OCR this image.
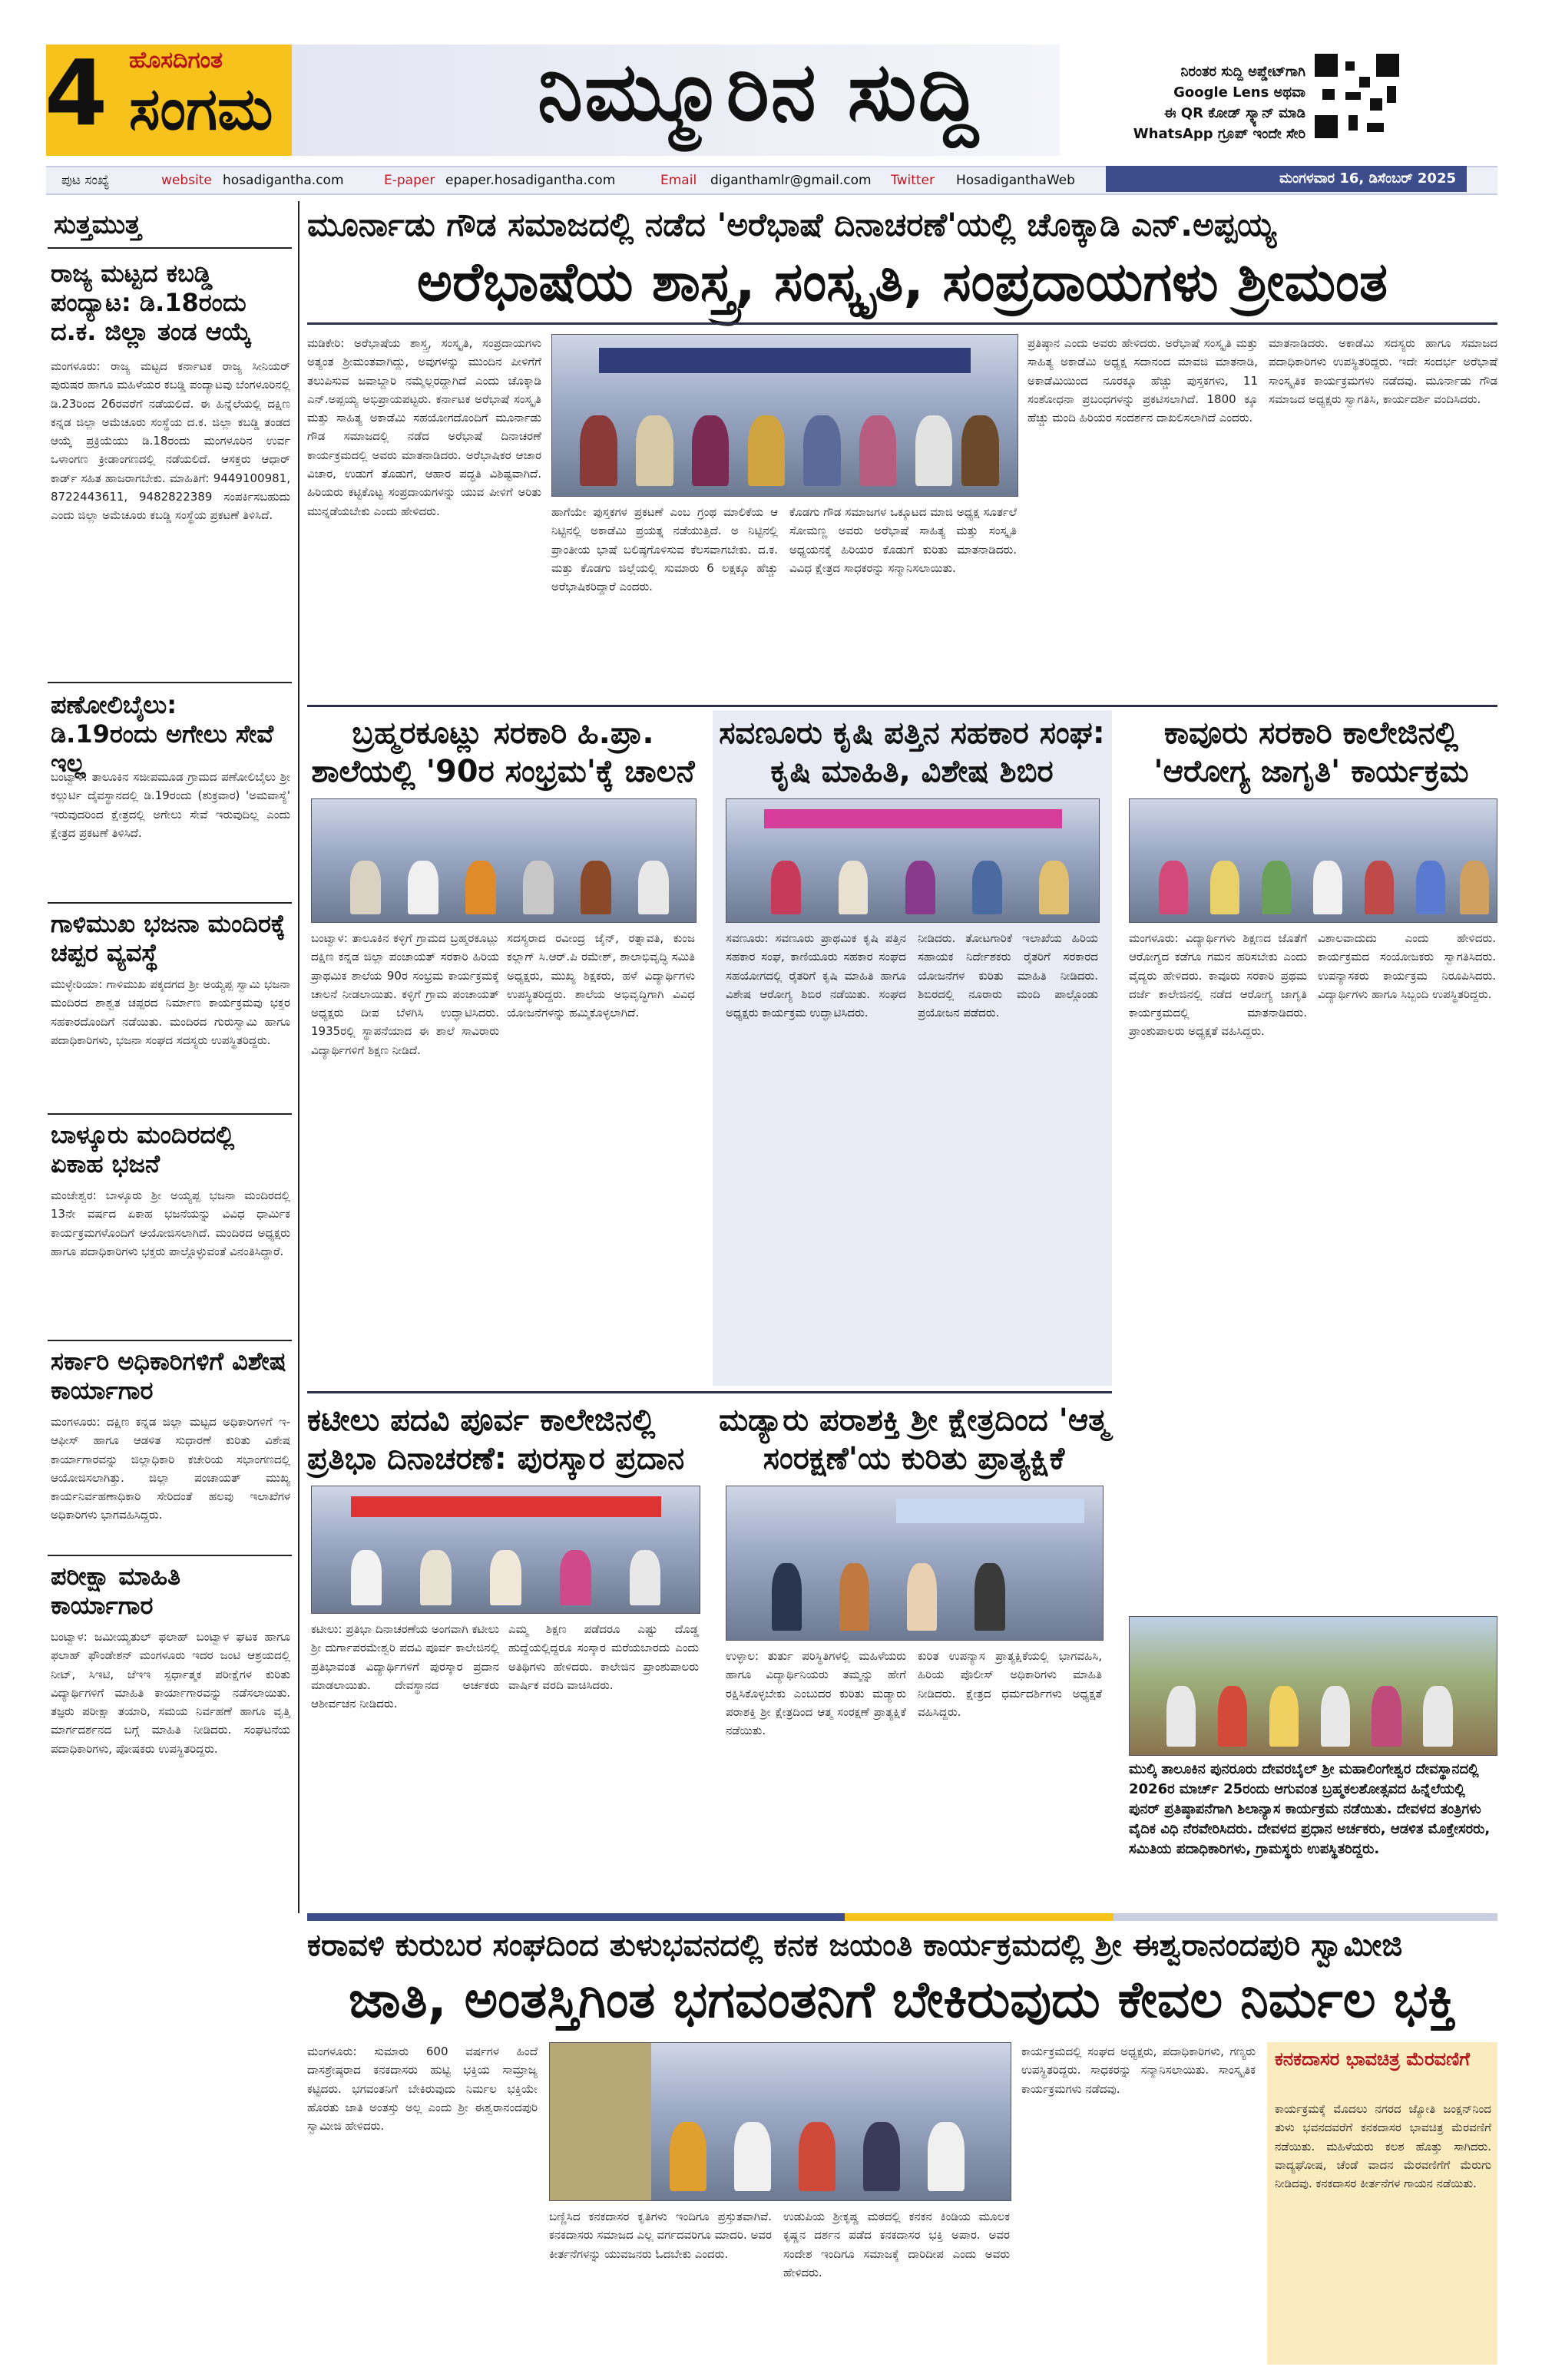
4 ಹೊಸದಿಗಂತ
ಸಂಗಮ	ನಿಮ್ಮೂರಿನ ಸುದ್ದಿ	ನಿರಂತರ ಸುದ್ದಿ ಅಪ್ಡೇಟ್‌ಗಾಗಿ
Google Lens ಅಥವಾ
ಈ QR ಕೋಡ್ ಸ್ಕ್ಯಾನ್ ಮಾಡಿ
WhatsApp ಗ್ರೂಪ್ ಇಂದೇ ಸೇರಿ
ಪುಟ ಸಂಖ್ಯೆ	website hosadigantha.com	E-paper epaper.hosadigantha.com	Email diganthamlr@gmail.com Twitter HosadiganthaWeb	ಮಂಗಳವಾರ 16, ಡಿಸೆಂಬರ್ 2025
ಸುತ್ತಮುತ್ತ
ರಾಜ್ಯ ಮಟ್ಟದ ಕಬಡ್ಡಿ ಪಂದ್ಯಾಟ: ಡಿ.18ರಂದು ದ.ಕ. ಜಿಲ್ಲಾ ತಂಡ ಆಯ್ಕೆ

ಮಂಗಳೂರು: ರಾಜ್ಯ ಮಟ್ಟದ ಕರ್ನಾಟಕ ರಾಜ್ಯ ಸೀನಿಯರ್ ಪುರುಷರ ಹಾಗೂ ಮಹಿಳೆಯರ ಕಬಡ್ಡಿ ಪಂದ್ಯಾಟವು ಬೆಂಗಳೂರಿನಲ್ಲಿ ಡಿ.23ರಿಂದ 26ರವರೆಗೆ ನಡೆಯಲಿದೆ. ಈ ಹಿನ್ನೆಲೆಯಲ್ಲಿ ದಕ್ಷಿಣ ಕನ್ನಡ ಜಿಲ್ಲಾ ಅಮೆಚೂರು ಸಂಸ್ಥೆಯ ದ.ಕ. ಜಿಲ್ಲಾ ಕಬಡ್ಡಿ ತಂಡದ ಆಯ್ಕೆ ಪ್ರಕ್ರಿಯೆಯು ಡಿ.18ರಂದು ಮಂಗಳೂರಿನ ಉರ್ವ ಒಳಾಂಗಣ ಕ್ರೀಡಾಂಗಣದಲ್ಲಿ ನಡೆಯಲಿದೆ. ಆಸಕ್ತರು ಆಧಾರ್ ಕಾರ್ಡ್ ಸಹಿತ ಹಾಜರಾಗಬೇಕು. ಮಾಹಿತಿಗೆ: 9449100981, 8722443611, 9482822389 ಸಂಪರ್ಕಿಸಬಹುದು ಎಂದು ಜಿಲ್ಲಾ ಅಮೆಚೂರು ಕಬಡ್ಡಿ ಸಂಸ್ಥೆಯ ಪ್ರಕಟಣೆ ತಿಳಿಸಿದೆ.

ಪಣೋಲಿಬೈಲು: ಡಿ.19ರಂದು ಅಗೇಲು ಸೇವೆ ಇಲ್ಲ

ಬಂಟ್ವಾಳ: ತಾಲೂಕಿನ ಸಜೀಪಮೂಡ ಗ್ರಾಮದ ಪಣೋಲಿಬೈಲು ಶ್ರೀ ಕಲ್ಲುರ್ಟಿ ದೈವಸ್ಥಾನದಲ್ಲಿ ಡಿ.19ರಂದು (ಶುಕ್ರವಾರ) 'ಅಮವಾಸ್ಯೆ' ಇರುವುದರಿಂದ ಕ್ಷೇತ್ರದಲ್ಲಿ ಅಗೇಲು ಸೇವೆ ಇರುವುದಿಲ್ಲ ಎಂದು ಕ್ಷೇತ್ರದ ಪ್ರಕಟಣೆ ತಿಳಿಸಿದೆ.

ಗಾಳಿಮುಖ ಭಜನಾ ಮಂದಿರಕ್ಕೆ ಚಪ್ಪರ ವ್ಯವಸ್ಥೆ

ಮುಳ್ಳೇರಿಯಾ: ಗಾಳಿಮುಖ ಪಕ್ಕದಗದ ಶ್ರೀ ಅಯ್ಯಪ್ಪ ಸ್ವಾಮಿ ಭಜನಾ ಮಂದಿರದ ಶಾಶ್ವತ ಚಪ್ಪರದ ನಿರ್ಮಾಣ ಕಾರ್ಯಕ್ರಮವು ಭಕ್ತರ ಸಹಕಾರದೊಂದಿಗೆ ನಡೆಯಿತು. ಮಂದಿರದ ಗುರುಸ್ವಾಮಿ ಹಾಗೂ ಪದಾಧಿಕಾರಿಗಳು, ಭಜನಾ ಸಂಘದ ಸದಸ್ಯರು ಉಪಸ್ಥಿತರಿದ್ದರು.

ಬಾಳ್ಕೂರು ಮಂದಿರದಲ್ಲಿ ಏಕಾಹ ಭಜನೆ

ಮಂಜೇಶ್ವರ: ಬಾಳ್ಕೂರು ಶ್ರೀ ಅಯ್ಯಪ್ಪ ಭಜನಾ ಮಂದಿರದಲ್ಲಿ 13ನೇ ವರ್ಷದ ಏಕಾಹ ಭಜನೆಯನ್ನು ವಿವಿಧ ಧಾರ್ಮಿಕ ಕಾರ್ಯಕ್ರಮಗಳೊಂದಿಗೆ ಆಯೋಜಿಸಲಾಗಿದೆ. ಮಂದಿರದ ಅಧ್ಯಕ್ಷರು ಹಾಗೂ ಪದಾಧಿಕಾರಿಗಳು ಭಕ್ತರು ಪಾಲ್ಗೊಳ್ಳುವಂತೆ ವಿನಂತಿಸಿದ್ದಾರೆ.

ಸರ್ಕಾರಿ ಅಧಿಕಾರಿಗಳಿಗೆ ವಿಶೇಷ ಕಾರ್ಯಾಗಾರ

ಮಂಗಳೂರು: ದಕ್ಷಿಣ ಕನ್ನಡ ಜಿಲ್ಲಾ ಮಟ್ಟದ ಅಧಿಕಾರಿಗಳಿಗೆ ಇ-ಆಫೀಸ್ ಹಾಗೂ ಆಡಳಿತ ಸುಧಾರಣೆ ಕುರಿತು ವಿಶೇಷ ಕಾರ್ಯಾಗಾರವನ್ನು ಜಿಲ್ಲಾಧಿಕಾರಿ ಕಚೇರಿಯ ಸಭಾಂಗಣದಲ್ಲಿ ಆಯೋಜಿಸಲಾಗಿತ್ತು. ಜಿಲ್ಲಾ ಪಂಚಾಯತ್ ಮುಖ್ಯ ಕಾರ್ಯನಿರ್ವಹಣಾಧಿಕಾರಿ ಸೇರಿದಂತೆ ಹಲವು ಇಲಾಖೆಗಳ ಅಧಿಕಾರಿಗಳು ಭಾಗವಹಿಸಿದ್ದರು.

ಪರೀಕ್ಷಾ ಮಾಹಿತಿ ಕಾರ್ಯಾಗಾರ

ಬಂಟ್ವಾಳ: ಜಮೀಯ್ಯತುಲ್ ಫಲಾಹ್ ಬಂಟ್ವಾಳ ಘಟಕ ಹಾಗೂ ಫಲಾಹ್ ಫೌಂಡೇಶನ್ ಮಂಗಳೂರು ಇದರ ಜಂಟಿ ಆಶ್ರಯದಲ್ಲಿ ನೀಟ್, ಸಿಇಟಿ, ಜೆಇಇ ಸ್ಪರ್ಧಾತ್ಮಕ ಪರೀಕ್ಷೆಗಳ ಕುರಿತು ವಿದ್ಯಾರ್ಥಿಗಳಿಗೆ ಮಾಹಿತಿ ಕಾರ್ಯಾಗಾರವನ್ನು ನಡೆಸಲಾಯಿತು. ತಜ್ಞರು ಪರೀಕ್ಷಾ ತಯಾರಿ, ಸಮಯ ನಿರ್ವಹಣೆ ಹಾಗೂ ವೃತ್ತಿ ಮಾರ್ಗದರ್ಶನದ ಬಗ್ಗೆ ಮಾಹಿತಿ ನೀಡಿದರು. ಸಂಘಟನೆಯ ಪದಾಧಿಕಾರಿಗಳು, ಪೋಷಕರು ಉಪಸ್ಥಿತರಿದ್ದರು.

ಮೂರ್ನಾಡು ಗೌಡ ಸಮಾಜದಲ್ಲಿ ನಡೆದ 'ಅರೆಭಾಷೆ ದಿನಾಚರಣೆ'ಯಲ್ಲಿ ಚೊಕ್ಕಾಡಿ ಎನ್.ಅಪ್ಪಯ್ಯ
ಅರೆಭಾಷೆಯ ಶಾಸ್ತ್ರ, ಸಂಸ್ಕೃತಿ, ಸಂಪ್ರದಾಯಗಳು ಶ್ರೀಮಂತ

ಮಡಿಕೇರಿ: ಅರೆಭಾಷೆಯ ಶಾಸ್ತ್ರ, ಸಂಸ್ಕೃತಿ, ಸಂಪ್ರದಾಯಗಳು ಅತ್ಯಂತ ಶ್ರೀಮಂತವಾಗಿದ್ದು, ಅವುಗಳನ್ನು ಮುಂದಿನ ಪೀಳಿಗೆಗೆ ತಲುಪಿಸುವ ಜವಾಬ್ದಾರಿ ನಮ್ಮೆಲ್ಲರದ್ದಾಗಿದೆ ಎಂದು ಚೊಕ್ಕಾಡಿ ಎನ್.ಅಪ್ಪಯ್ಯ ಅಭಿಪ್ರಾಯಪಟ್ಟರು. ಕರ್ನಾಟಕ ಅರೆಭಾಷೆ ಸಂಸ್ಕೃತಿ ಮತ್ತು ಸಾಹಿತ್ಯ ಅಕಾಡೆಮಿ ಸಹಯೋಗದೊಂದಿಗೆ ಮೂರ್ನಾಡು ಗೌಡ ಸಮಾಜದಲ್ಲಿ ನಡೆದ ಅರೆಭಾಷೆ ದಿನಾಚರಣೆ ಕಾರ್ಯಕ್ರಮದಲ್ಲಿ ಅವರು ಮಾತನಾಡಿದರು. ಅರೆಭಾಷಿಕರ ಆಚಾರ ವಿಚಾರ, ಉಡುಗೆ ತೊಡುಗೆ, ಆಹಾರ ಪದ್ಧತಿ ವಿಶಿಷ್ಟವಾಗಿದೆ. ಹಿರಿಯರು ಕಟ್ಟಿಕೊಟ್ಟ ಸಂಪ್ರದಾಯಗಳನ್ನು ಯುವ ಪೀಳಿಗೆ ಅರಿತು ಮುನ್ನಡೆಯಬೇಕು ಎಂದು ಹೇಳಿದರು.	ಹಾಗೆಯೇ ಪುಸ್ತಕಗಳ ಪ್ರಕಟಣೆ ಎಂಬ ಗ್ರಂಥ ಮಾಲಿಕೆಯ ಆ ನಿಟ್ಟಿನಲ್ಲಿ ಅಕಾಡೆಮಿ ಪ್ರಯತ್ನ ನಡೆಯುತ್ತಿದೆ. ಅ ನಿಟ್ಟಿನಲ್ಲಿ ಪ್ರಾಂತೀಯ ಭಾಷೆ ಬಲಿಷ್ಠಗೊಳಿಸುವ ಕೆಲಸವಾಗಬೇಕು. ದ.ಕ. ಮತ್ತು ಕೊಡಗು ಜಿಲ್ಲೆಯಲ್ಲಿ ಸುಮಾರು 6 ಲಕ್ಷಕ್ಕೂ ಹೆಚ್ಚು ಅರೆಭಾಷಿಕರಿದ್ದಾರೆ ಎಂದರು.

ಕೊಡಗು ಗೌಡ ಸಮಾಜಗಳ ಒಕ್ಕೂಟದ ಮಾಜಿ ಅಧ್ಯಕ್ಷ ಸೂರ್ತಲೆ ಸೋಮಣ್ಣ ಅವರು ಅರೆಭಾಷೆ ಸಾಹಿತ್ಯ ಮತ್ತು ಸಂಸ್ಕೃತಿ ಅಧ್ಯಯನಕ್ಕೆ ಹಿರಿಯರ ಕೊಡುಗೆ ಕುರಿತು ಮಾತನಾಡಿದರು. ವಿವಿಧ ಕ್ಷೇತ್ರದ ಸಾಧಕರನ್ನು ಸನ್ಮಾನಿಸಲಾಯಿತು.

ಪ್ರತಿಷ್ಠಾನ ಎಂದು ಅವರು ಹೇಳಿದರು. ಅರೆಭಾಷೆ ಸಂಸ್ಕೃತಿ ಮತ್ತು ಸಾಹಿತ್ಯ ಅಕಾಡೆಮಿ ಅಧ್ಯಕ್ಷ ಸದಾನಂದ ಮಾವಜಿ ಮಾತನಾಡಿ, ಅಕಾಡೆಮಿಯಿಂದ ನೂರಕ್ಕೂ ಹೆಚ್ಚು ಪುಸ್ತಕಗಳು, 11 ಸಂಶೋಧನಾ ಪ್ರಬಂಧಗಳನ್ನು ಪ್ರಕಟಿಸಲಾಗಿದೆ. 1800 ಕ್ಕೂ ಹೆಚ್ಚು ಮಂದಿ ಹಿರಿಯರ ಸಂದರ್ಶನ ದಾಖಲಿಸಲಾಗಿದೆ ಎಂದರು.

ಮಾತನಾಡಿದರು. ಅಕಾಡೆಮಿ ಸದಸ್ಯರು ಹಾಗೂ ಸಮಾಜದ ಪದಾಧಿಕಾರಿಗಳು ಉಪಸ್ಥಿತರಿದ್ದರು. ಇದೇ ಸಂದರ್ಭ ಅರೆಭಾಷೆ ಸಾಂಸ್ಕೃತಿಕ ಕಾರ್ಯಕ್ರಮಗಳು ನಡೆದವು. ಮೂರ್ನಾಡು ಗೌಡ ಸಮಾಜದ ಅಧ್ಯಕ್ಷರು ಸ್ವಾಗತಿಸಿ, ಕಾರ್ಯದರ್ಶಿ ವಂದಿಸಿದರು.

ಬ್ರಹ್ಮರಕೂಟ್ಲು ಸರಕಾರಿ ಹಿ.ಪ್ರಾ. ಶಾಲೆಯಲ್ಲಿ '90ರ ಸಂಭ್ರಮ'ಕ್ಕೆ ಚಾಲನೆ

ಬಂಟ್ವಾಳ: ತಾಲೂಕಿನ ಕಳ್ಳಿಗೆ ಗ್ರಾಮದ ಬ್ರಹ್ಮರಕೂಟ್ಲು ದಕ್ಷಿಣ ಕನ್ನಡ ಜಿಲ್ಲಾ ಪಂಚಾಯತ್ ಸರಕಾರಿ ಹಿರಿಯ ಪ್ರಾಥಮಿಕ ಶಾಲೆಯ 90ರ ಸಂಭ್ರಮ ಕಾರ್ಯಕ್ರಮಕ್ಕೆ ಚಾಲನೆ ನೀಡಲಾಯಿತು. ಕಳ್ಳಿಗೆ ಗ್ರಾಮ ಪಂಚಾಯತ್ ಅಧ್ಯಕ್ಷರು ದೀಪ ಬೆಳಗಿಸಿ ಉದ್ಘಾಟಿಸಿದರು. 1935ರಲ್ಲಿ ಸ್ಥಾಪನೆಯಾದ ಈ ಶಾಲೆ ಸಾವಿರಾರು ವಿದ್ಯಾರ್ಥಿಗಳಿಗೆ ಶಿಕ್ಷಣ ನೀಡಿದೆ.

ಸದಸ್ಯರಾದ ರವೀಂದ್ರ ಜೈನ್, ರತ್ನಾವತಿ, ಕುಂಜ ಕಲ್ಲಾಗ್ ಸಿ.ಆರ್.ಪಿ ರಮೇಶ್, ಶಾಲಾಭಿವೃದ್ಧಿ ಸಮಿತಿ ಅಧ್ಯಕ್ಷರು, ಮುಖ್ಯ ಶಿಕ್ಷಕರು, ಹಳೆ ವಿದ್ಯಾರ್ಥಿಗಳು ಉಪಸ್ಥಿತರಿದ್ದರು. ಶಾಲೆಯ ಅಭಿವೃದ್ಧಿಗಾಗಿ ವಿವಿಧ ಯೋಜನೆಗಳನ್ನು ಹಮ್ಮಿಕೊಳ್ಳಲಾಗಿದೆ.

ಸವಣೂರು ಕೃಷಿ ಪತ್ತಿನ ಸಹಕಾರ ಸಂಘ: ಕೃಷಿ ಮಾಹಿತಿ, ವಿಶೇಷ ಶಿಬಿರ

ಸವಣೂರು: ಸವಣೂರು ಪ್ರಾಥಮಿಕ ಕೃಷಿ ಪತ್ತಿನ ಸಹಕಾರ ಸಂಘ, ಕಾಣಿಯೂರು ಸಹಕಾರ ಸಂಘದ ಸಹಯೋಗದಲ್ಲಿ ರೈತರಿಗೆ ಕೃಷಿ ಮಾಹಿತಿ ಹಾಗೂ ವಿಶೇಷ ಆರೋಗ್ಯ ಶಿಬಿರ ನಡೆಯಿತು. ಸಂಘದ ಅಧ್ಯಕ್ಷರು ಕಾರ್ಯಕ್ರಮ ಉದ್ಘಾಟಿಸಿದರು.

ನೀಡಿದರು. ತೋಟಗಾರಿಕೆ ಇಲಾಖೆಯ ಹಿರಿಯ ಸಹಾಯಕ ನಿರ್ದೇಶಕರು ರೈತರಿಗೆ ಸರಕಾರದ ಯೋಜನೆಗಳ ಕುರಿತು ಮಾಹಿತಿ ನೀಡಿದರು. ಶಿಬಿರದಲ್ಲಿ ನೂರಾರು ಮಂದಿ ಪಾಲ್ಗೊಂಡು ಪ್ರಯೋಜನ ಪಡೆದರು.

ಕಾವೂರು ಸರಕಾರಿ ಕಾಲೇಜಿನಲ್ಲಿ 'ಆರೋಗ್ಯ ಜಾಗೃತಿ' ಕಾರ್ಯಕ್ರಮ

ಮಂಗಳೂರು: ವಿದ್ಯಾರ್ಥಿಗಳು ಶಿಕ್ಷಣದ ಜೊತೆಗೆ ಆರೋಗ್ಯದ ಕಡೆಗೂ ಗಮನ ಹರಿಸಬೇಕು ಎಂದು ವೈದ್ಯರು ಹೇಳಿದರು. ಕಾವೂರು ಸರಕಾರಿ ಪ್ರಥಮ ದರ್ಜೆ ಕಾಲೇಜಿನಲ್ಲಿ ನಡೆದ ಆರೋಗ್ಯ ಜಾಗೃತಿ ಕಾರ್ಯಕ್ರಮದಲ್ಲಿ ಮಾತನಾಡಿದರು. ಪ್ರಾಂಶುಪಾಲರು ಅಧ್ಯಕ್ಷತೆ ವಹಿಸಿದ್ದರು.

ವಿಶಾಲವಾದುದು ಎಂದು ಹೇಳಿದರು. ಕಾರ್ಯಕ್ರಮದ ಸಂಯೋಜಕರು ಸ್ವಾಗತಿಸಿದರು. ಉಪನ್ಯಾಸಕರು ಕಾರ್ಯಕ್ರಮ ನಿರೂಪಿಸಿದರು. ವಿದ್ಯಾರ್ಥಿಗಳು ಹಾಗೂ ಸಿಬ್ಬಂದಿ ಉಪಸ್ಥಿತರಿದ್ದರು.

ಕಟೀಲು ಪದವಿ ಪೂರ್ವ ಕಾಲೇಜಿನಲ್ಲಿ ಪ್ರತಿಭಾ ದಿನಾಚರಣೆ: ಪುರಸ್ಕಾರ ಪ್ರದಾನ

ಕಟೀಲು: ಪ್ರತಿಭಾ ದಿನಾಚರಣೆಯ ಅಂಗವಾಗಿ ಕಟೀಲು ಶ್ರೀ ದುರ್ಗಾಪರಮೇಶ್ವರಿ ಪದವಿ ಪೂರ್ವ ಕಾಲೇಜಿನಲ್ಲಿ ಪ್ರತಿಭಾವಂತ ವಿದ್ಯಾರ್ಥಿಗಳಿಗೆ ಪುರಸ್ಕಾರ ಪ್ರದಾನ ಮಾಡಲಾಯಿತು. ದೇವಸ್ಥಾನದ ಅರ್ಚಕರು ಆಶೀರ್ವಚನ ನೀಡಿದರು.

ಎಮ್ಮ ಶಿಕ್ಷಣ ಪಡೆದರೂ ಎಷ್ಟು ದೊಡ್ಡ ಹುದ್ದೆಯಲ್ಲಿದ್ದರೂ ಸಂಸ್ಕಾರ ಮರೆಯಬಾರದು ಎಂದು ಅತಿಥಿಗಳು ಹೇಳಿದರು. ಕಾಲೇಜಿನ ಪ್ರಾಂಶುಪಾಲರು ವಾರ್ಷಿಕ ವರದಿ ವಾಚಿಸಿದರು.

ಮಡ್ಯಾರು ಪರಾಶಕ್ತಿ ಶ್ರೀ ಕ್ಷೇತ್ರದಿಂದ 'ಆತ್ಮ ಸಂರಕ್ಷಣೆ'ಯ ಕುರಿತು ಪ್ರಾತ್ಯಕ್ಷಿಕೆ

ಉಳ್ಳಾಲ: ತುರ್ತು ಪರಿಸ್ಥಿತಿಗಳಲ್ಲಿ ಮಹಿಳೆಯರು ಹಾಗೂ ವಿದ್ಯಾರ್ಥಿನಿಯರು ತಮ್ಮನ್ನು ಹೇಗೆ ರಕ್ಷಿಸಿಕೊಳ್ಳಬೇಕು ಎಂಬುದರ ಕುರಿತು ಮಡ್ಯಾರು ಪರಾಶಕ್ತಿ ಶ್ರೀ ಕ್ಷೇತ್ರದಿಂದ ಆತ್ಮ ಸಂರಕ್ಷಣೆ ಪ್ರಾತ್ಯಕ್ಷಿಕೆ ನಡೆಯಿತು.

ಕುರಿತ ಉಪನ್ಯಾಸ ಪ್ರಾತ್ಯಕ್ಷಿಕೆಯಲ್ಲಿ ಭಾಗವಹಿಸಿ, ಹಿರಿಯ ಪೊಲೀಸ್ ಅಧಿಕಾರಿಗಳು ಮಾಹಿತಿ ನೀಡಿದರು. ಕ್ಷೇತ್ರದ ಧರ್ಮದರ್ಶಿಗಳು ಅಧ್ಯಕ್ಷತೆ ವಹಿಸಿದ್ದರು.

ಮುಲ್ಕಿ ತಾಲೂಕಿನ ಪುನರೂರು ದೇವರಬೈಲ್ ಶ್ರೀ ಮಹಾಲಿಂಗೇಶ್ವರ ದೇವಸ್ಥಾನದಲ್ಲಿ 2026ರ ಮಾರ್ಚ್ 25ರಂದು ಆಗುವಂತ ಬ್ರಹ್ಮಕಲಶೋತ್ಸವದ ಹಿನ್ನೆಲೆಯಲ್ಲಿ ಪುನರ್ ಪ್ರತಿಷ್ಠಾಪನೆಗಾಗಿ ಶಿಲಾನ್ಯಾಸ ಕಾರ್ಯಕ್ರಮ ನಡೆಯಿತು. ದೇವಳದ ತಂತ್ರಿಗಳು ವೈದಿಕ ವಿಧಿ ನೆರವೇರಿಸಿದರು. ದೇವಳದ ಪ್ರಧಾನ ಅರ್ಚಕರು, ಆಡಳಿತ ಮೊಕ್ತೇಸರರು, ಸಮಿತಿಯ ಪದಾಧಿಕಾರಿಗಳು, ಗ್ರಾಮಸ್ಥರು ಉಪಸ್ಥಿತರಿದ್ದರು.

ಕರಾವಳಿ ಕುರುಬರ ಸಂಘದಿಂದ ತುಳುಭವನದಲ್ಲಿ ಕನಕ ಜಯಂತಿ ಕಾರ್ಯಕ್ರಮದಲ್ಲಿ ಶ್ರೀ ಈಶ್ವರಾನಂದಪುರಿ ಸ್ವಾಮೀಜಿ
ಜಾತಿ, ಅಂತಸ್ತಿಗಿಂತ ಭಗವಂತನಿಗೆ ಬೇಕಿರುವುದು ಕೇವಲ ನಿರ್ಮಲ ಭಕ್ತಿ

ಮಂಗಳೂರು: ಸುಮಾರು 600 ವರ್ಷಗಳ ಹಿಂದೆ ದಾಸಶ್ರೇಷ್ಠರಾದ ಕನಕದಾಸರು ಹುಟ್ಟಿ ಭಕ್ತಿಯ ಸಾಮ್ರಾಜ್ಯ ಕಟ್ಟಿದರು. ಭಗವಂತನಿಗೆ ಬೇಕಿರುವುದು ನಿರ್ಮಲ ಭಕ್ತಿಯೇ ಹೊರತು ಜಾತಿ ಅಂತಸ್ತು ಅಲ್ಲ ಎಂದು ಶ್ರೀ ಈಶ್ವರಾನಂದಪುರಿ ಸ್ವಾಮೀಜಿ ಹೇಳಿದರು.

ಬಣ್ಣಿಸಿದ ಕನಕದಾಸರ ಕೃತಿಗಳು ಇಂದಿಗೂ ಪ್ರಸ್ತುತವಾಗಿವೆ. ಕನಕದಾಸರು ಸಮಾಜದ ಎಲ್ಲ ವರ್ಗದವರಿಗೂ ಮಾದರಿ. ಅವರ ಕೀರ್ತನೆಗಳನ್ನು ಯುವಜನರು ಓದಬೇಕು ಎಂದರು.

ಉಡುಪಿಯ ಶ್ರೀಕೃಷ್ಣ ಮಠದಲ್ಲಿ ಕನಕನ ಕಿಂಡಿಯ ಮೂಲಕ ಕೃಷ್ಣನ ದರ್ಶನ ಪಡೆದ ಕನಕದಾಸರ ಭಕ್ತಿ ಅಪಾರ. ಅವರ ಸಂದೇಶ ಇಂದಿಗೂ ಸಮಾಜಕ್ಕೆ ದಾರಿದೀಪ ಎಂದು ಅವರು ಹೇಳಿದರು.

ಕಾರ್ಯಕ್ರಮದಲ್ಲಿ ಸಂಘದ ಅಧ್ಯಕ್ಷರು, ಪದಾಧಿಕಾರಿಗಳು, ಗಣ್ಯರು ಉಪಸ್ಥಿತರಿದ್ದರು. ಸಾಧಕರನ್ನು ಸನ್ಮಾನಿಸಲಾಯಿತು. ಸಾಂಸ್ಕೃತಿಕ ಕಾರ್ಯಕ್ರಮಗಳು ನಡೆದವು.

ಕನಕದಾಸರ ಭಾವಚಿತ್ರ ಮೆರವಣಿಗೆ

ಕಾರ್ಯಕ್ರಮಕ್ಕೆ ಮೊದಲು ನಗರದ ಜ್ಯೋತಿ ಜಂಕ್ಷನ್‌ನಿಂದ ತುಳು ಭವನದವರೆಗೆ ಕನಕದಾಸರ ಭಾವಚಿತ್ರ ಮೆರವಣಿಗೆ ನಡೆಯಿತು. ಮಹಿಳೆಯರು ಕಲಶ ಹೊತ್ತು ಸಾಗಿದರು. ವಾದ್ಯಘೋಷ, ಚೆಂಡೆ ವಾದನ ಮೆರವಣಿಗೆಗೆ ಮೆರುಗು ನೀಡಿದವು. ಕನಕದಾಸರ ಕೀರ್ತನೆಗಳ ಗಾಯನ ನಡೆಯಿತು.
